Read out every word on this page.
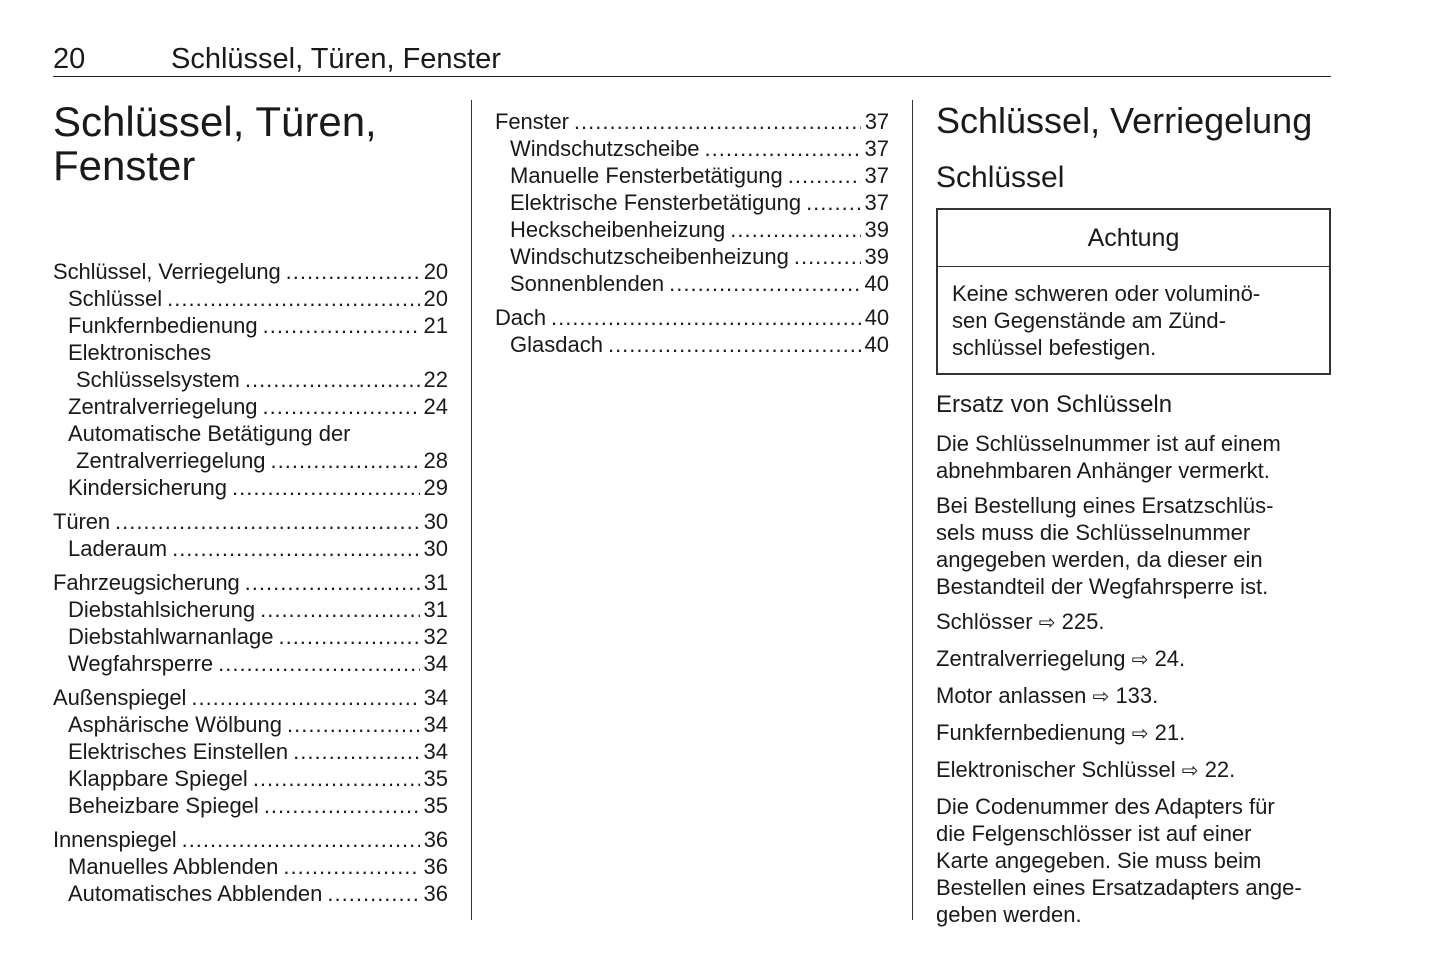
20	Schlüssel, Türen, Fenster
Schlüssel, Türen,
Fenster
Schlüssel, Verriegelung .....	20
Schlüssel .....	20
Funkfernbedienung .....	21
Elektronisches
Schlüsselsystem .....	22
Zentralverriegelung .....	24
Automatische Betätigung der
Zentralverriegelung .....	28
Kindersicherung .....	29
Türen .....	30
Laderaum .....	30
Fahrzeugsicherung .....	31
Diebstahlsicherung .....	31
Diebstahlwarnanlage .....	32
Wegfahrsperre .....	34
Außenspiegel .....	34
Asphärische Wölbung .....	34
Elektrisches Einstellen .....	34
Klappbare Spiegel .....	35
Beheizbare Spiegel .....	35
Innenspiegel .....	36
Manuelles Abblenden .....	36
Automatisches Abblenden .....	36
Fenster .....	37
Windschutzscheibe .....	37
Manuelle Fensterbetätigung .....	37
Elektrische Fensterbetätigung .....	37
Heckscheibenheizung .....	39
Windschutzscheibenheizung .....	39
Sonnenblenden .....	40
Dach .....	40
Glasdach .....	40
Schlüssel, Verriegelung
Schlüssel
Achtung
Keine schweren oder voluminö-
sen Gegenstände am Zünd-
schlüssel befestigen.
Ersatz von Schlüsseln

Die Schlüsselnummer ist auf einem
abnehmbaren Anhänger vermerkt.

Bei Bestellung eines Ersatzschlüs-
sels muss die Schlüsselnummer
angegeben werden, da dieser ein
Bestandteil der Wegfahrsperre ist.

Schlösser ⇨ 225.

Zentralverriegelung ⇨ 24.

Motor anlassen ⇨ 133.

Funkfernbedienung ⇨ 21.

Elektronischer Schlüssel ⇨ 22.

Die Codenummer des Adapters für
die Felgenschlösser ist auf einer
Karte angegeben. Sie muss beim
Bestellen eines Ersatzadapters ange-
geben werden.
